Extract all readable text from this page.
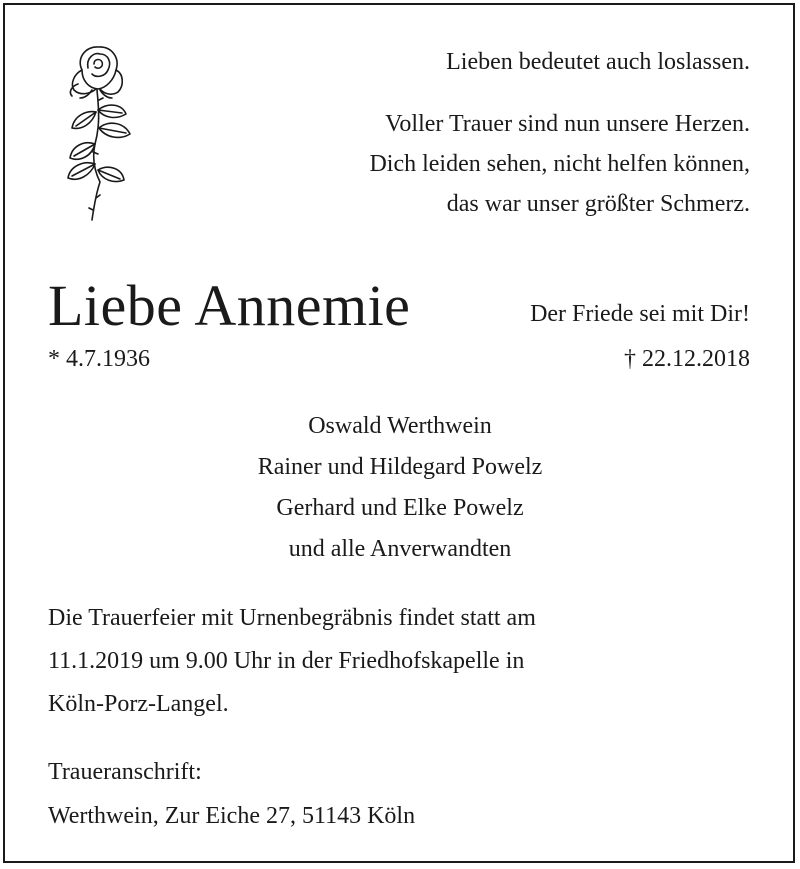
Lieben bedeutet auch loslassen.

Voller Trauer sind nun unsere Herzen.

Dich leiden sehen, nicht helfen können,

das war unser größter Schmerz.

Liebe Annemie	Der Friede sei mit Dir!
* 4.7.1936	† 22.12.2018
Oswald Werthwein
Rainer und Hildegard Powelz
Gerhard und Elke Powelz
und alle Anverwandten
Die Trauerfeier mit Urnenbegräbnis findet statt am
11.1.2019 um 9.00 Uhr in der Friedhofskapelle in
Köln-Porz-Langel.
Traueranschrift:
Werthwein, Zur Eiche 27, 51143 Köln
